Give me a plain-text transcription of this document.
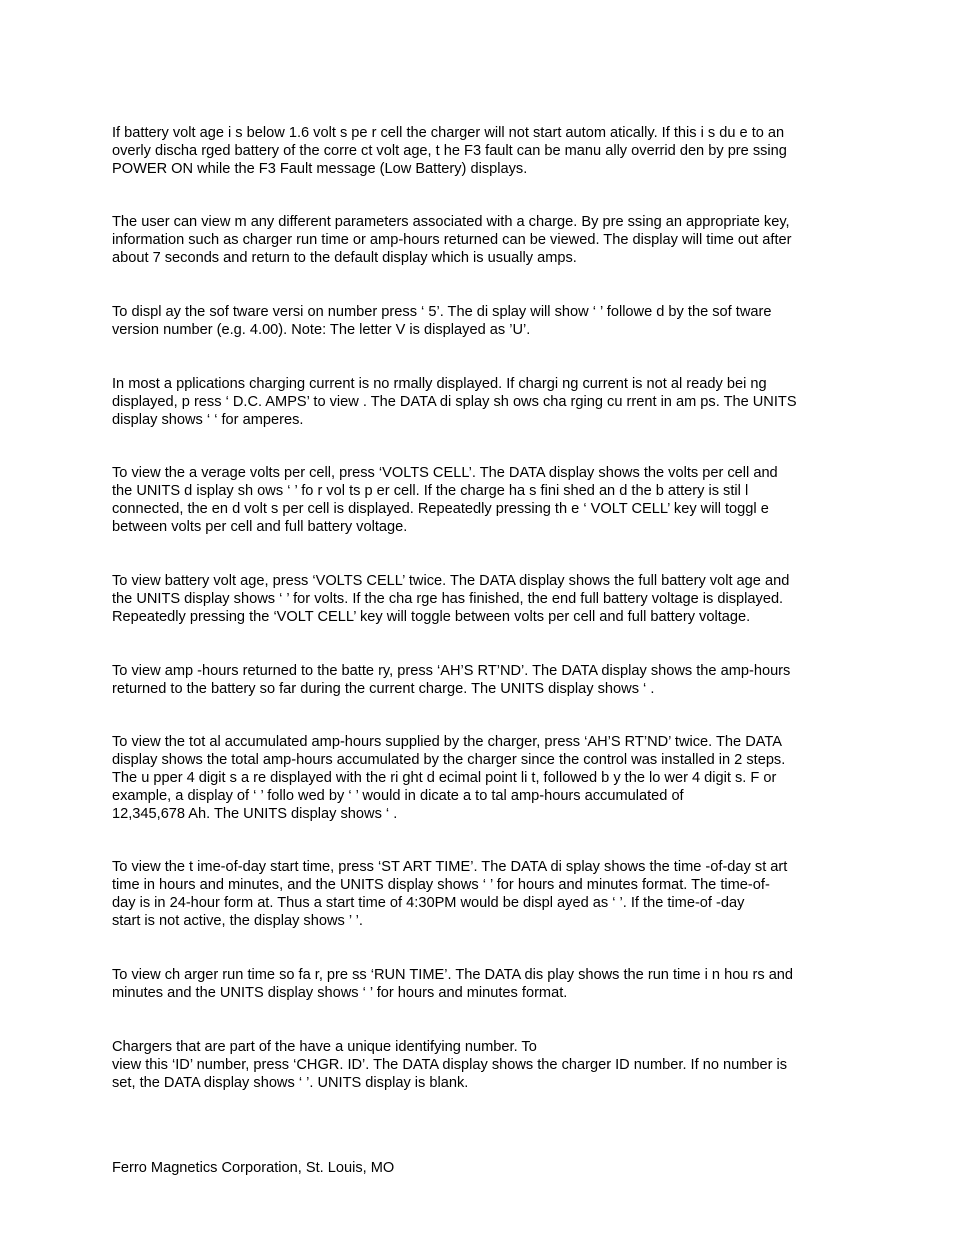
If battery volt age i s below 1.6 volt s pe r cell the charger will not start autom atically. If this i s du e to an
overly discha rged battery of the corre ct volt age, t he F3 fault can be manu ally overrid den by pre ssing
POWER ON while the F3 Fault message (Low Battery) displays.

The user can view m any different parameters associated with a charge. By pre ssing an appropriate key,
information such as charger run time or amp-hours returned can be viewed. The display will time out after
about 7 seconds and return to the default display which is usually amps.

To displ ay the sof tware versi on number press ‘ 5’. The di splay will show ‘ ’ followe d by the sof tware
version number (e.g. 4.00). Note: The letter V is displayed as ’U’.

In most a pplications charging current is no rmally displayed. If chargi ng current is not al ready bei ng
displayed, p ress ‘ D.C. AMPS’ to view . The DATA di splay sh ows cha rging cu rrent in am ps. The UNITS
display shows ‘ ‘ for amperes.

To view the a verage volts per cell, press ‘VOLTS CELL’. The DATA display shows the volts per cell and
the UNITS d isplay sh ows ‘ ’ fo r vol ts p er cell. If the charge ha s fini shed an d the b attery is stil l
connected, the en d volt s per cell is displayed. Repeatedly pressing th e ‘ VOLT CELL’ key will toggl e
between volts per cell and full battery voltage.

To view battery volt age, press ‘VOLTS CELL’ twice. The DATA display shows the full battery volt age and
the UNITS display shows ‘ ’ for volts. If the cha rge has finished, the end full battery voltage is displayed.
Repeatedly pressing the ‘VOLT CELL’ key will toggle between volts per cell and full battery voltage.

To view amp -hours returned to the batte ry, press ‘AH’S RT’ND’. The DATA display shows the amp-hours
returned to the battery so far during the current charge. The UNITS display shows ‘ .

To view the tot al accumulated amp-hours supplied by the charger, press ‘AH’S RT’ND’ twice. The DATA
display shows the total amp-hours accumulated by the charger since the control was installed in 2 steps.
The u pper 4 digit s a re displayed with the ri ght d ecimal point li t, followed b y the lo wer 4 digit s. F or
example, a display of ‘ ’ follo wed by ‘ ’ would in dicate a to tal amp-hours accumulated of
12,345,678 Ah. The UNITS display shows ‘ .

To view the t ime-of-day start time, press ‘ST ART TIME’. The DATA di splay shows the time -of-day st art
time in hours and minutes, and the UNITS display shows ‘ ’ for hours and minutes format. The time-of-
day is in 24-hour form at. Thus a start time of 4:30PM would be displ ayed as ‘ ’. If the time-of -day
start is not active, the display shows ’ ’.

To view ch arger run time so fa r, pre ss ‘RUN TIME’. The DATA dis play shows the run time i n hou rs and
minutes and the UNITS display shows ‘ ’ for hours and minutes format.

Chargers that are part of the have a unique identifying number. To
view this ‘ID’ number, press ‘CHGR. ID’. The DATA display shows the charger ID number. If no number is
set, the DATA display shows ‘ ’. UNITS display is blank.

Ferro Magnetics Corporation, St. Louis, MO
